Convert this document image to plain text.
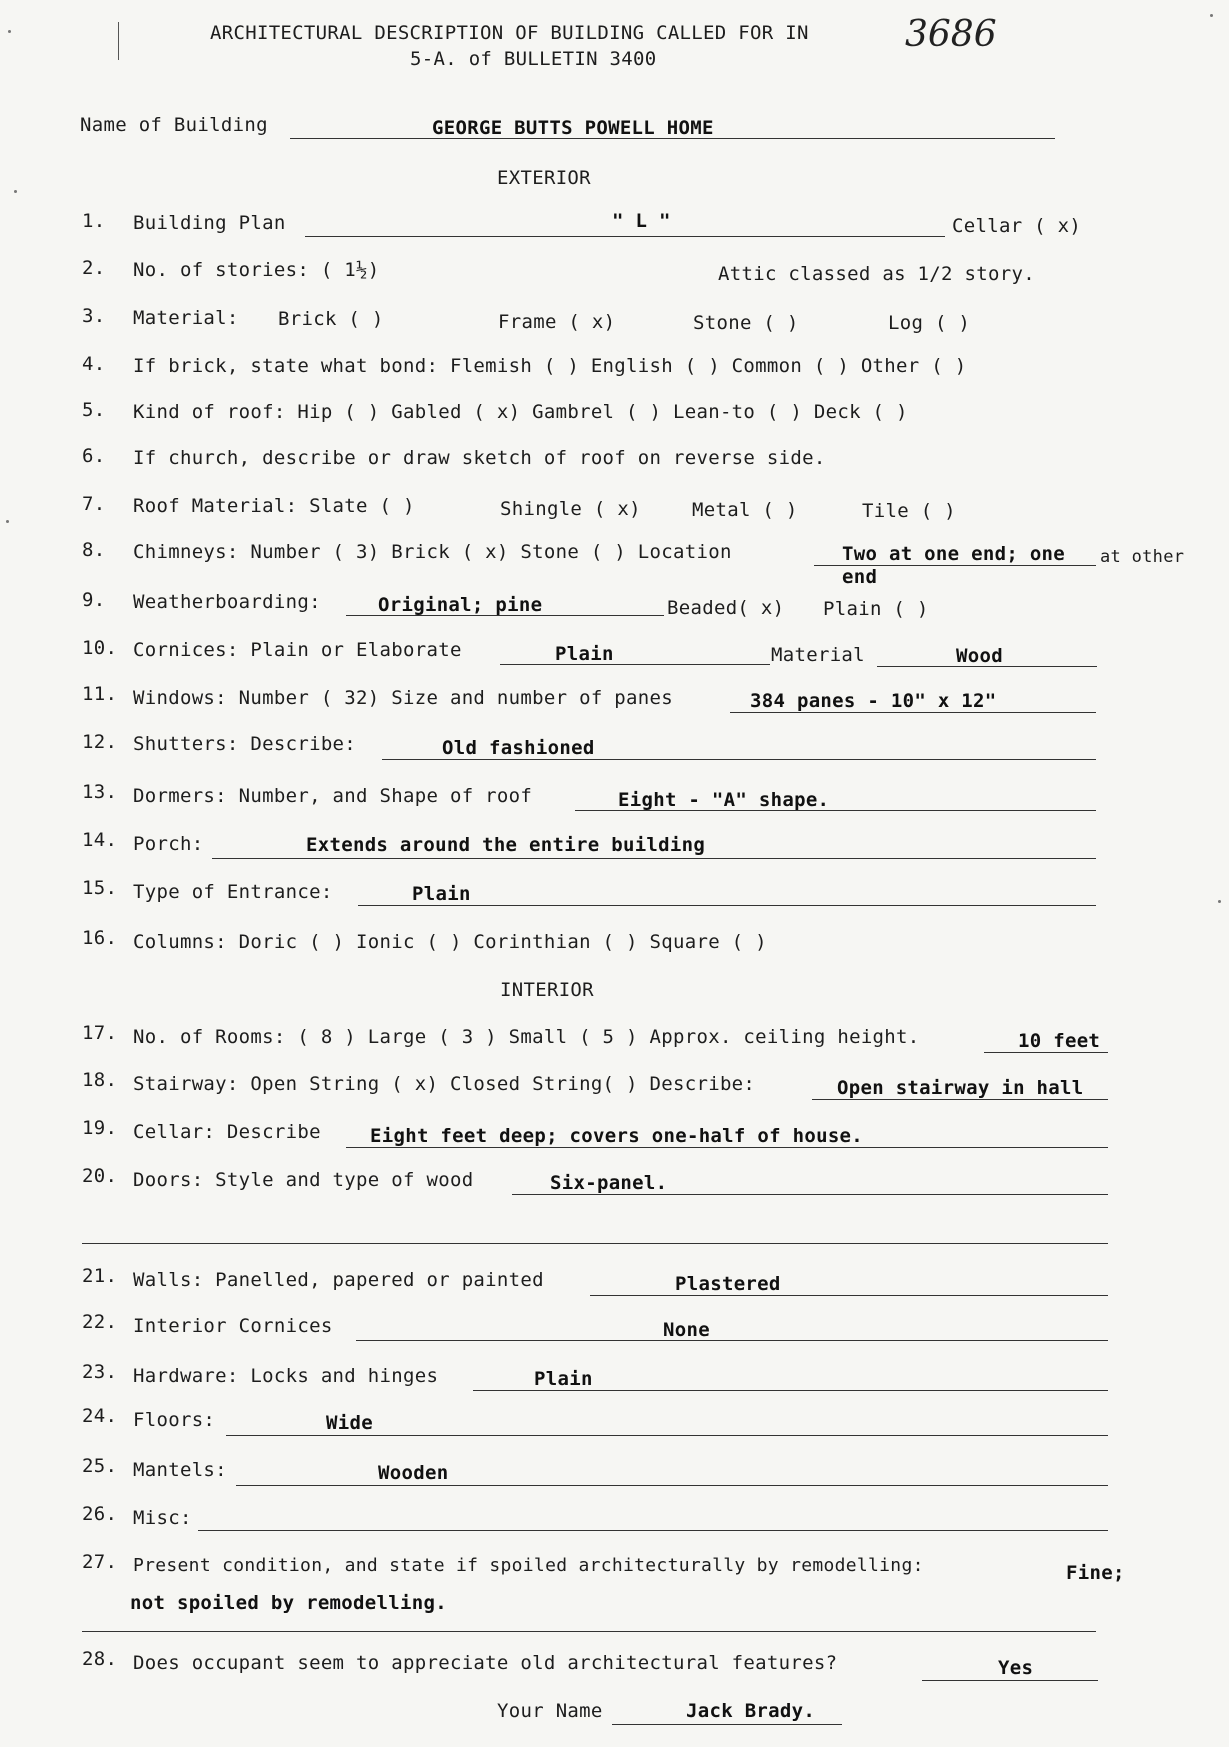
ARCHITECTURAL DESCRIPTION OF BUILDING CALLED FOR IN
5-A. of BULLETIN 3400
3686
Name of Building	GEORGE BUTTS POWELL HOME
EXTERIOR
1. Building Plan	" L "	Cellar ( x)
2. No. of stories: ( 1½)	Attic classed as 1/2 story.
3. Material: Brick ( )	Frame ( x)	Stone ( )	Log ( )
4. If brick, state what bond: Flemish ( ) English ( ) Common ( ) Other ( )
5. Kind of roof: Hip ( ) Gabled ( x) Gambrel ( ) Lean-to ( ) Deck ( )
6. If church, describe or draw sketch of roof on reverse side.
7. Roof Material: Slate ( )	Shingle ( x)	Metal ( )	Tile ( )
8. Chimneys: Number ( 3) Brick ( x) Stone ( ) Location	Two at one end; one at other
end
9. Weatherboarding:	Original; pine	Beaded( x) Plain ( )
10. Cornices: Plain or Elaborate	Plain	Material	Wood
11. Windows: Number ( 32) Size and number of panes	384 panes - 10" x 12"
12. Shutters: Describe:	Old fashioned
13. Dormers: Number, and Shape of roof	Eight - "A" shape.
14. Porch:	Extends around the entire building
15. Type of Entrance:	Plain
16. Columns: Doric ( ) Ionic ( ) Corinthian ( ) Square ( )
INTERIOR
17. No. of Rooms: ( 8 ) Large ( 3 ) Small ( 5 ) Approx. ceiling height.	10 feet
18. Stairway: Open String ( x) Closed String( ) Describe:	Open stairway in hall
19. Cellar: Describe	Eight feet deep; covers one-half of house.
20. Doors: Style and type of wood	Six-panel.
21. Walls: Panelled, papered or painted	Plastered
22. Interior Cornices	None
23. Hardware: Locks and hinges	Plain
24. Floors:	Wide
25. Mantels:	Wooden
26. Misc:
27. Present condition, and state if spoiled architecturally by remodelling:	Fine;
not spoiled by remodelling.
28. Does occupant seem to appreciate old architectural features?	Yes
Your Name	Jack Brady.
